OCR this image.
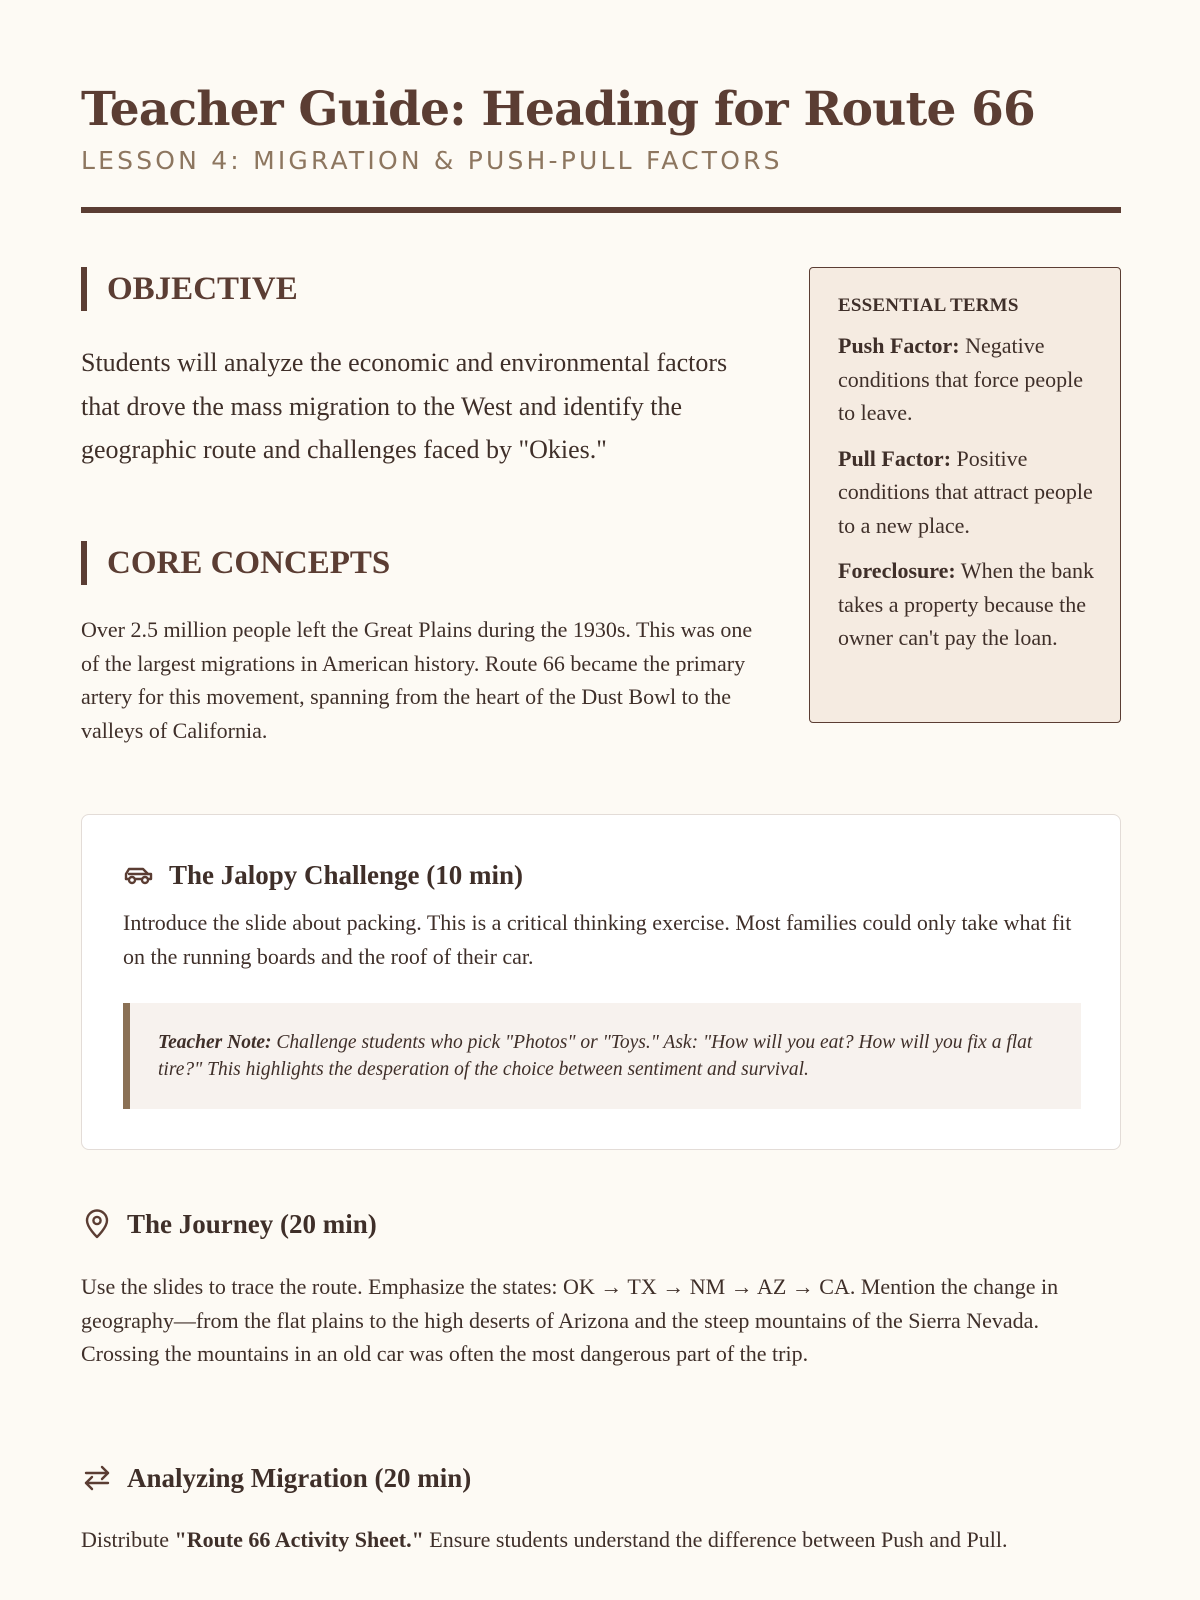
Teacher Guide: Heading for Route 66
LESSON 4: MIGRATION & PUSH-PULL FACTORS
OBJECTIVE
Students will analyze the economic and environmental factors that drove the mass migration to the West and identify the geographic route and challenges faced by "Okies."
CORE CONCEPTS
Over 2.5 million people left the Great Plains during the 1930s. This was one of the largest migrations in American history. Route 66 became the primary artery for this movement, spanning from the heart of the Dust Bowl to the valleys of California.
ESSENTIAL TERMS
Push Factor: Negative conditions that force people to leave.
Pull Factor: Positive conditions that attract people to a new place.
Foreclosure: When the bank takes a property because the owner can't pay the loan.
The Jalopy Challenge (10 min)
Introduce the slide about packing. This is a critical thinking exercise. Most families could only take what fit on the running boards and the roof of their car.
Teacher Note: Challenge students who pick "Photos" or "Toys." Ask: "How will you eat? How will you fix a flat tire?" This highlights the desperation of the choice between sentiment and survival.
The Journey (20 min)
Use the slides to trace the route. Emphasize the states: OK → TX → NM → AZ → CA. Mention the change in geography—from the flat plains to the high deserts of Arizona and the steep mountains of the Sierra Nevada. Crossing the mountains in an old car was often the most dangerous part of the trip.
Analyzing Migration (20 min)
Distribute "Route 66 Activity Sheet." Ensure students understand the difference between Push and Pull.
